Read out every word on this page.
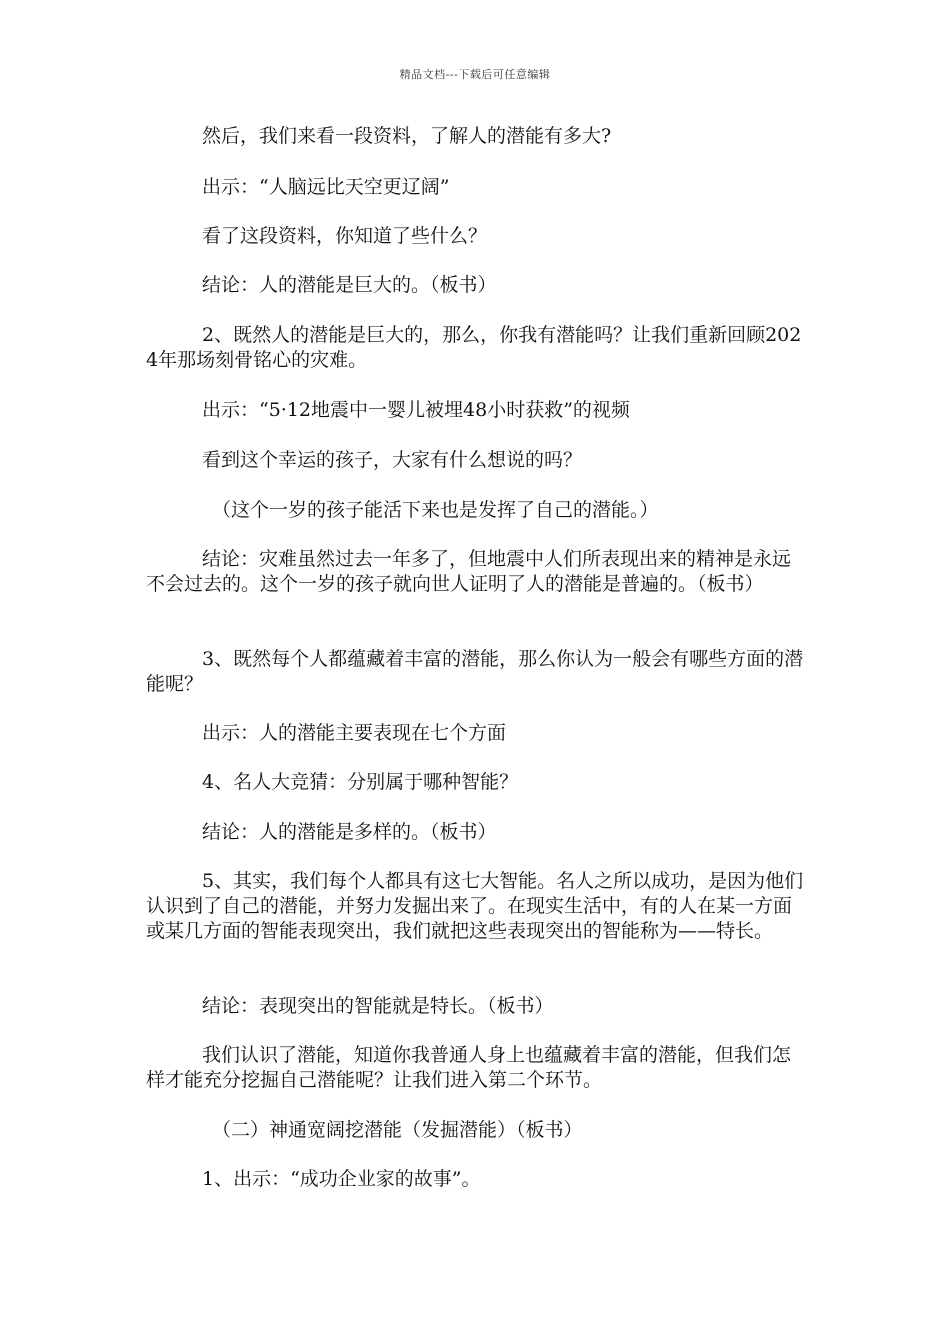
精品文档---下载后可任意编辑

然后，我们来看一段资料，了解人的潜能有多大?

出示：“人脑远比天空更辽阔”

看了这段资料，你知道了些什么？

结论：人的潜能是巨大的。（板书）

2、既然人的潜能是巨大的，那么，你我有潜能吗？让我们重新回顾2024年那场刻骨铭心的灾难。

出示：“5·12地震中一婴儿被埋48小时获救”的视频

看到这个幸运的孩子，大家有什么想说的吗？

（这个一岁的孩子能活下来也是发挥了自己的潜能。）

结论：灾难虽然过去一年多了，但地震中人们所表现出来的精神是永远不会过去的。这个一岁的孩子就向世人证明了人的潜能是普遍的。（板书）

3、既然每个人都蕴藏着丰富的潜能，那么你认为一般会有哪些方面的潜能呢？

出示：人的潜能主要表现在七个方面

4、名人大竞猜：分别属于哪种智能？

结论：人的潜能是多样的。（板书）

5、其实，我们每个人都具有这七大智能。名人之所以成功，是因为他们认识到了自己的潜能，并努力发掘出来了。在现实生活中，有的人在某一方面或某几方面的智能表现突出，我们就把这些表现突出的智能称为——特长。

结论：表现突出的智能就是特长。（板书）

我们认识了潜能，知道你我普通人身上也蕴藏着丰富的潜能，但我们怎样才能充分挖掘自己潜能呢？让我们进入第二个环节。

（二）神通宽阔挖潜能（发掘潜能）（板书）

1、出示：“成功企业家的故事”。
